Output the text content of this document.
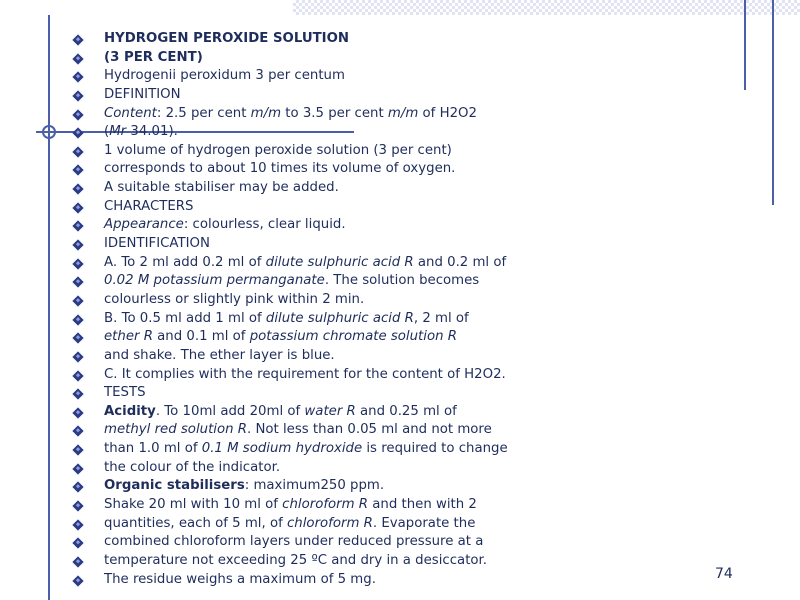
HYDROGEN PEROXIDE SOLUTION
(3 PER CENT)
Hydrogenii peroxidum 3 per centum
DEFINITION
Content: 2.5 per cent m/m to 3.5 per cent m/m of H2O2
(Mr 34.01).
1 volume of hydrogen peroxide solution (3 per cent)
corresponds to about 10 times its volume of oxygen.
A suitable stabiliser may be added.
CHARACTERS
Appearance: colourless, clear liquid.
IDENTIFICATION
A. To 2 ml add 0.2 ml of dilute sulphuric acid R and 0.2 ml of
0.02 M potassium permanganate. The solution becomes
colourless or slightly pink within 2 min.
B. To 0.5 ml add 1 ml of dilute sulphuric acid R, 2 ml of
ether R and 0.1 ml of potassium chromate solution R
and shake. The ether layer is blue.
C. It complies with the requirement for the content of H2O2.
TESTS
Acidity. To 10ml add 20ml of water R and 0.25 ml of
methyl red solution R. Not less than 0.05 ml and not more
than 1.0 ml of 0.1 M sodium hydroxide is required to change
the colour of the indicator.
Organic stabilisers: maximum250 ppm.
Shake 20 ml with 10 ml of chloroform R and then with 2
quantities, each of 5 ml, of chloroform R. Evaporate the
combined chloroform layers under reduced pressure at a
temperature not exceeding 25 ºC and dry in a desiccator.
The residue weighs a maximum of 5 mg.	74
